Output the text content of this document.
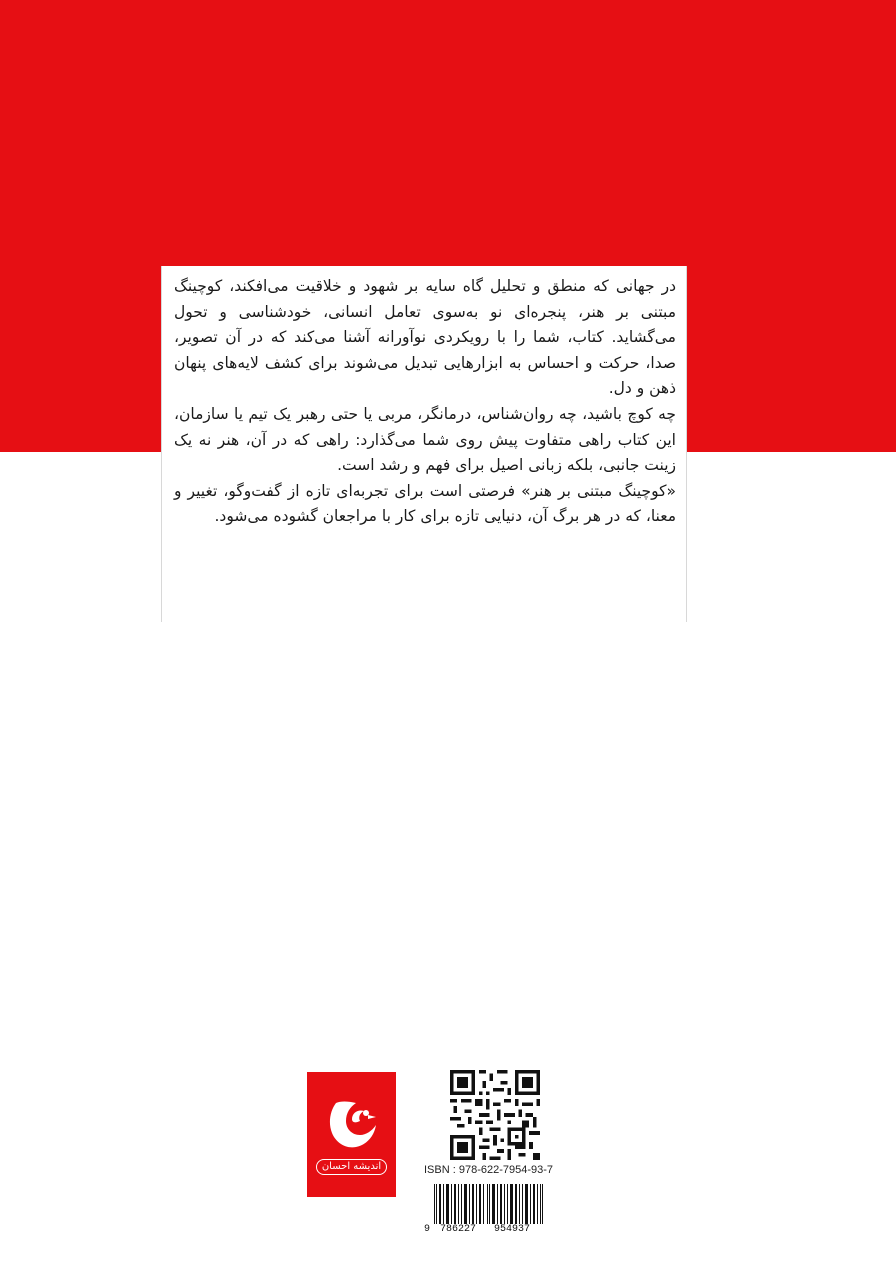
در جهانی که منطق و تحلیل گاه سایه بر شهود و خلاقیت می‌افکند، کوچینگ مبتنی بر هنر، پنجره‌ای نو به‌سوی تعامل انسانی، خودشناسی و تحول می‌گشاید. کتاب، شما را با رویکردی نوآورانه آشنا می‌کند که در آن تصویر، صدا، حرکت و احساس به ابزارهایی تبدیل می‌شوند برای کشف لایه‌های پنهان ذهن و دل.

چه کوچ باشید، چه روان‌شناس، درمانگر، مربی یا حتی رهبر یک تیم یا سازمان، این کتاب راهی متفاوت پیش روی شما می‌گذارد: راهی که در آن، هنر نه یک زینت جانبی، بلکه زبانی اصیل برای فهم و رشد است.

«کوچینگ مبتنی بر هنر» فرصتی است برای تجربه‌ای تازه از گفت‌وگو، تغییر و معنا، که در هر برگ آن، دنیایی تازه برای کار با مراجعان گشوده می‌شود.

اندیشه احسان	ISBN : 978-622-7954-93-7
9 786227 954937
